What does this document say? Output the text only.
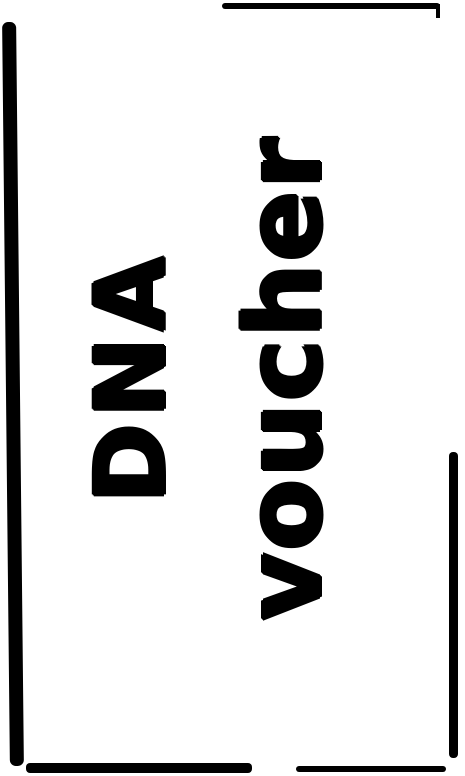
DNA voucher
